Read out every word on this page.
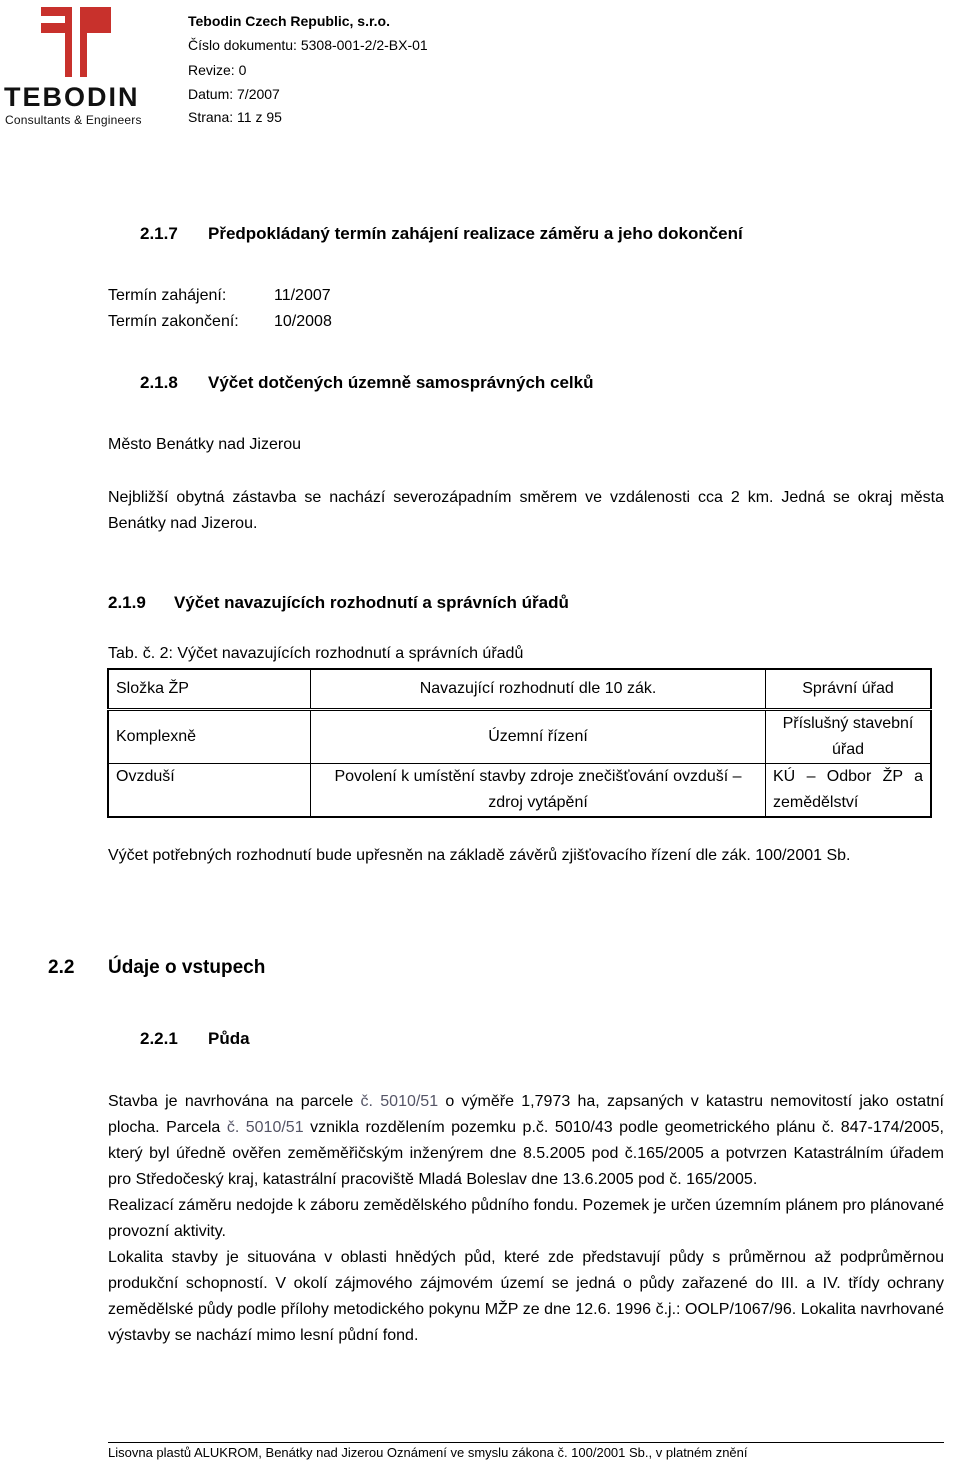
TEBODIN
Consultants & Engineers
Tebodin Czech Republic, s.r.o.
Číslo dokumentu: 5308-001-2/2-BX-01
Revize: 0
Datum: 7/2007
Strana: 11 z 95
2.1.7 Předpokládaný termín zahájení realizace záměru a jeho dokončení
Termín zahájení:	11/2007
Termín zakončení: 10/2008
2.1.8 Výčet dotčených územně samosprávných celků
Město Benátky nad Jizerou
Nejbližší obytná zástavba se nachází severozápadním směrem ve vzdálenosti cca 2 km. Jedná se okraj města Benátky nad Jizerou.
2.1.9 Výčet navazujících rozhodnutí a správních úřadů
Tab. č. 2: Výčet navazujících rozhodnutí a správních úřadů
Složka ŽP	Navazující rozhodnutí dle 10 zák.	Správní úřad
Komplexně	Územní řízení	Příslušný stavební úřad
Ovzduší	Povolení k umístění stavby zdroje znečišťování ovzduší – zdroj vytápění	KÚ – Odbor ŽP a zemědělství
Výčet potřebných rozhodnutí bude upřesněn na základě závěrů zjišťovacího řízení dle zák. 100/2001 Sb.
2.2 Údaje o vstupech
2.2.1 Půda

Stavba je navrhována na parcele č. 5010/51 o výměře 1,7973 ha, zapsaných v katastru nemovitostí jako ostatní plocha. Parcela č. 5010/51 vznikla rozdělením pozemku p.č. 5010/43 podle geometrického plánu č. 847-174/2005, který byl úředně ověřen zeměměřičským inženýrem dne 8.5.2005 pod č.165/2005 a potvrzen Katastrálním úřadem pro Středočeský kraj, katastrální pracoviště Mladá Boleslav dne 13.6.2005 pod č. 165/2005.

Realizací záměru nedojde k záboru zemědělského půdního fondu. Pozemek je určen územním plánem pro plánované provozní aktivity.

Lokalita stavby je situována v oblasti hnědých půd, které zde představují půdy s průměrnou až podprůměrnou produkční schopností. V okolí zájmového zájmovém území se jedná o půdy zařazené do III. a IV. třídy ochrany zemědělské půdy podle přílohy metodického pokynu MŽP ze dne 12.6. 1996 č.j.: OOLP/1067/96. Lokalita navrhované výstavby se nachází mimo lesní půdní fond.

Lisovna plastů ALUKROM, Benátky nad Jizerou Oznámení ve smyslu zákona č. 100/2001 Sb., v platném znění
